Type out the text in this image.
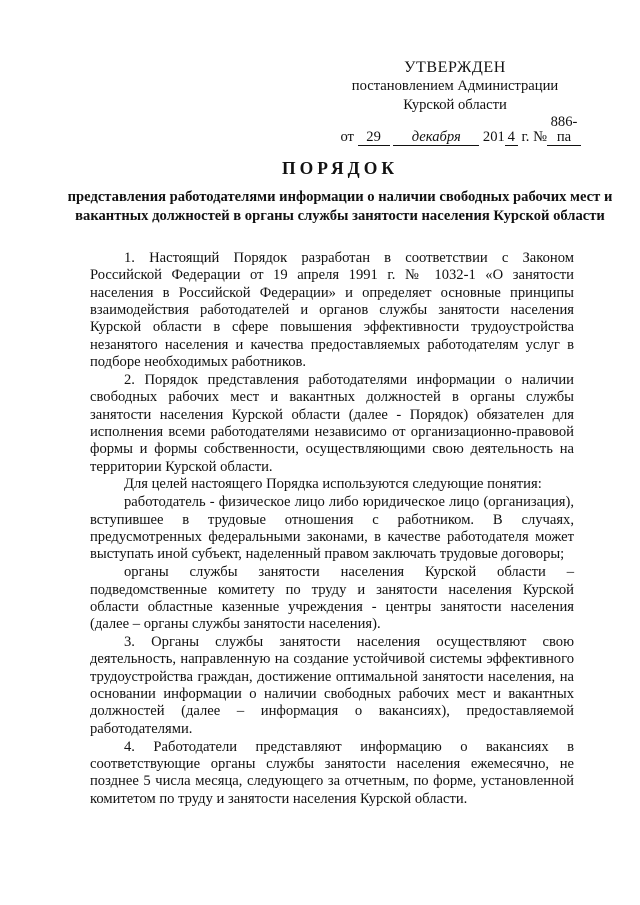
УТВЕРЖДЕН
постановлением Администрации
Курской области
от 29 декабря 201 4 г. №886-па
ПОРЯДОК
представления работодателями информации о наличии свободных рабочих мест и вакантных должностей в органы службы занятости населения Курской области

1. Настоящий Порядок разработан в соответствии с Законом Российской Федерации от 19 апреля 1991 г. № 1032-1 «О занятости населения в Российской Федерации» и определяет основные принципы взаимодействия работодателей и органов службы занятости населения Курской области в сфере повышения эффективности трудоустройства незанятого населения и качества предоставляемых работодателям услуг в подборе необходимых работников.

2. Порядок представления работодателями информации о наличии свободных рабочих мест и вакантных должностей в органы службы занятости населения Курской области (далее - Порядок) обязателен для исполнения всеми работодателями независимо от организационно-правовой формы и формы собственности, осуществляющими свою деятельность на территории Курской области.

Для целей настоящего Порядка используются следующие понятия:

работодатель - физическое лицо либо юридическое лицо (организация), вступившее в трудовые отношения с работником. В случаях, предусмотренных федеральными законами, в качестве работодателя может выступать иной субъект, наделенный правом заключать трудовые договоры;

органы службы занятости населения Курской области – подведомственные комитету по труду и занятости населения Курской области областные казенные учреждения - центры занятости населения (далее – органы службы занятости населения).

3. Органы службы занятости населения осуществляют свою деятельность, направленную на создание устойчивой системы эффективного трудоустройства граждан, достижение оптимальной занятости населения, на основании информации о наличии свободных рабочих мест и вакантных должностей (далее – информация о вакансиях), предоставляемой работодателями.

4. Работодатели представляют информацию о вакансиях в соответствующие органы службы занятости населения ежемесячно, не позднее 5 числа месяца, следующего за отчетным, по форме, установленной комитетом по труду и занятости населения Курской области.
